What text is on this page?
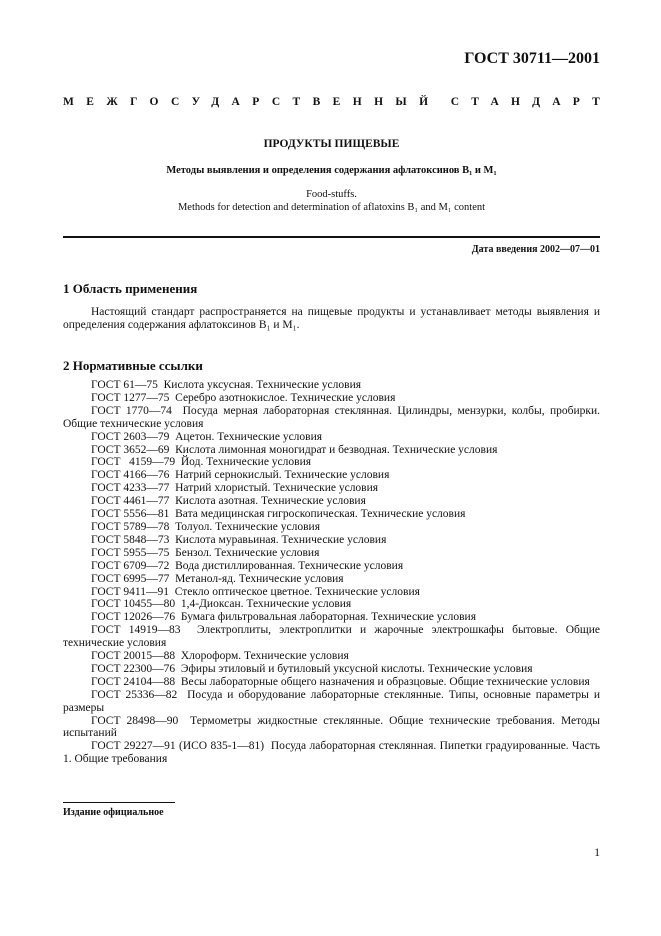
ГОСТ 30711—2001
МЕЖГОСУДАРСТВЕННЫЙ СТАНДАРТ
ПРОДУКТЫ ПИЩЕВЫЕ
Методы выявления и определения содержания афлатоксинов B₁ и M₁
Food-stuffs.
Methods for detection and determination of aflatoxins B₁ and M₁ content
Дата введения 2002—07—01
1 Область применения
Настоящий стандарт распространяется на пищевые продукты и устанавливает методы выявления и определения содержания афлатоксинов B₁ и M₁.
2 Нормативные ссылки
ГОСТ 61—75  Кислота уксусная. Технические условия
ГОСТ 1277—75  Серебро азотнокислое. Технические условия
ГОСТ 1770—74  Посуда мерная лабораторная стеклянная. Цилиндры, мензурки, колбы, пробирки. Общие технические условия
ГОСТ 2603—79  Ацетон. Технические условия
ГОСТ 3652—69  Кислота лимонная моногидрат и безводная. Технические условия
ГОСТ   4159—79  Йод. Технические условия
ГОСТ 4166—76  Натрий сернокислый. Технические условия
ГОСТ 4233—77  Натрий хлористый. Технические условия
ГОСТ 4461—77  Кислота азотная. Технические условия
ГОСТ 5556—81  Вата медицинская гигроскопическая. Технические условия
ГОСТ 5789—78  Толуол. Технические условия
ГОСТ 5848—73  Кислота муравьиная. Технические условия
ГОСТ 5955—75  Бензол. Технические условия
ГОСТ 6709—72  Вода дистиллированная. Технические условия
ГОСТ 6995—77  Метанол-яд. Технические условия
ГОСТ 9411—91  Стекло оптическое цветное. Технические условия
ГОСТ 10455—80  1,4-Диоксан. Технические условия
ГОСТ 12026—76  Бумага фильтровальная лабораторная. Технические условия
ГОСТ 14919—83  Электроплиты, электроплитки и жарочные электрошкафы бытовые. Общие технические условия
ГОСТ 20015—88  Хлороформ. Технические условия
ГОСТ 22300—76  Эфиры этиловый и бутиловый уксусной кислоты. Технические условия
ГОСТ 24104—88  Весы лабораторные общего назначения и образцовые. Общие технические условия
ГОСТ 25336—82  Посуда и оборудование лабораторные стеклянные. Типы, основные параметры и размеры
ГОСТ 28498—90  Термометры жидкостные стеклянные. Общие технические требования. Методы испытаний
ГОСТ 29227—91 (ИСО 835-1—81)  Посуда лабораторная стеклянная. Пипетки градуированные. Часть 1. Общие требования
Издание официальное
1
